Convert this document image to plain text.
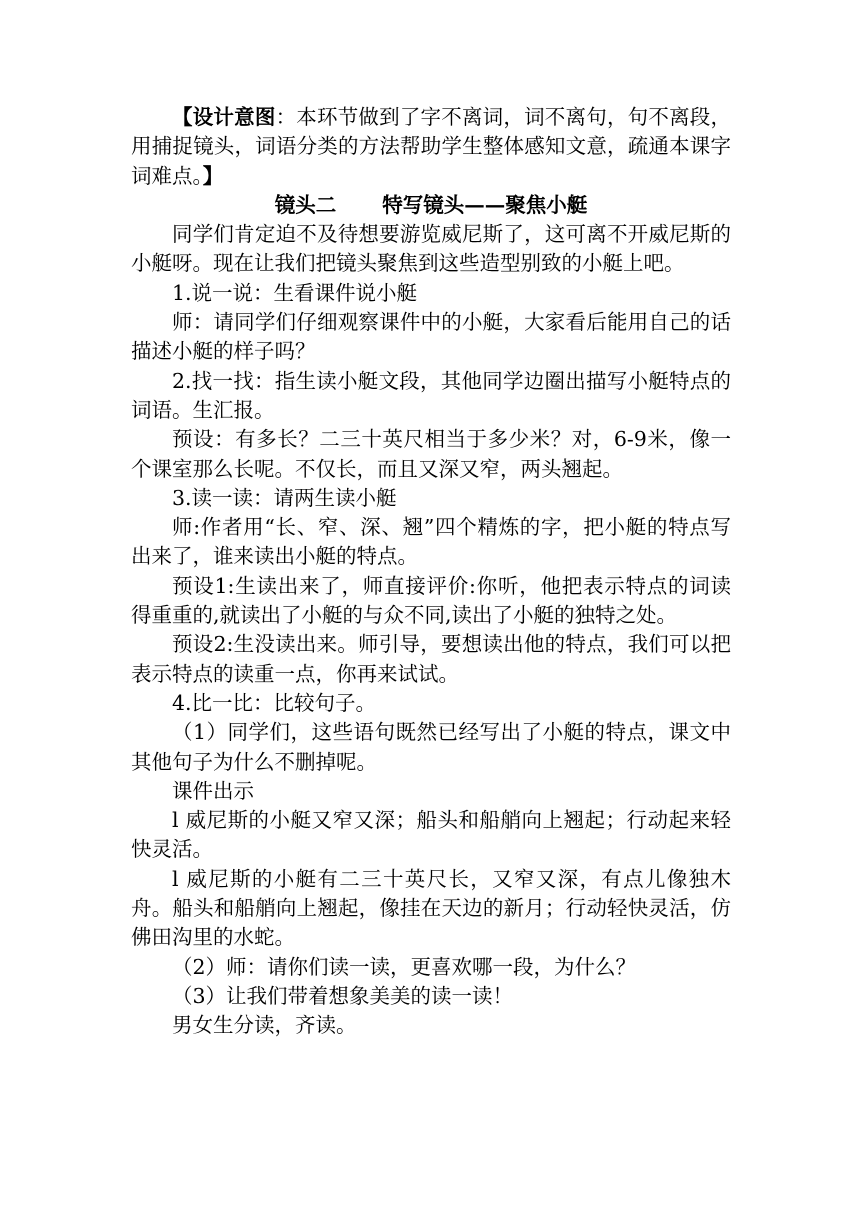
【设计意图：本环节做到了字不离词，词不离句，句不离段，用捕捉镜头，词语分类的方法帮助学生整体感知文意，疏通本课字词难点。】

镜头二 特写镜头——聚焦小艇

同学们肯定迫不及待想要游览威尼斯了，这可离不开威尼斯的小艇呀。现在让我们把镜头聚焦到这些造型别致的小艇上吧。

1.说一说：生看课件说小艇

师：请同学们仔细观察课件中的小艇，大家看后能用自己的话描述小艇的样子吗？

2.找一找：指生读小艇文段，其他同学边圈出描写小艇特点的词语。生汇报。

预设：有多长？二三十英尺相当于多少米？对，6-9米，像一个课室那么长呢。不仅长，而且又深又窄，两头翘起。

3.读一读：请两生读小艇

师:作者用“长、窄、深、翘”四个精炼的字，把小艇的特点写出来了，谁来读出小艇的特点。

预设1:生读出来了，师直接评价:你听，他把表示特点的词读得重重的,就读出了小艇的与众不同,读出了小艇的独特之处。

预设2:生没读出来。师引导，要想读出他的特点，我们可以把表示特点的读重一点，你再来试试。

4.比一比：比较句子。

（1）同学们，这些语句既然已经写出了小艇的特点，课文中其他句子为什么不删掉呢。

课件出示

l 威尼斯的小艇又窄又深；船头和船艄向上翘起；行动起来轻快灵活。

l 威尼斯的小艇有二三十英尺长，又窄又深，有点儿像独木舟。船头和船艄向上翘起，像挂在天边的新月；行动轻快灵活，仿佛田沟里的水蛇。

（2）师：请你们读一读，更喜欢哪一段，为什么？

（3）让我们带着想象美美的读一读！

男女生分读，齐读。
